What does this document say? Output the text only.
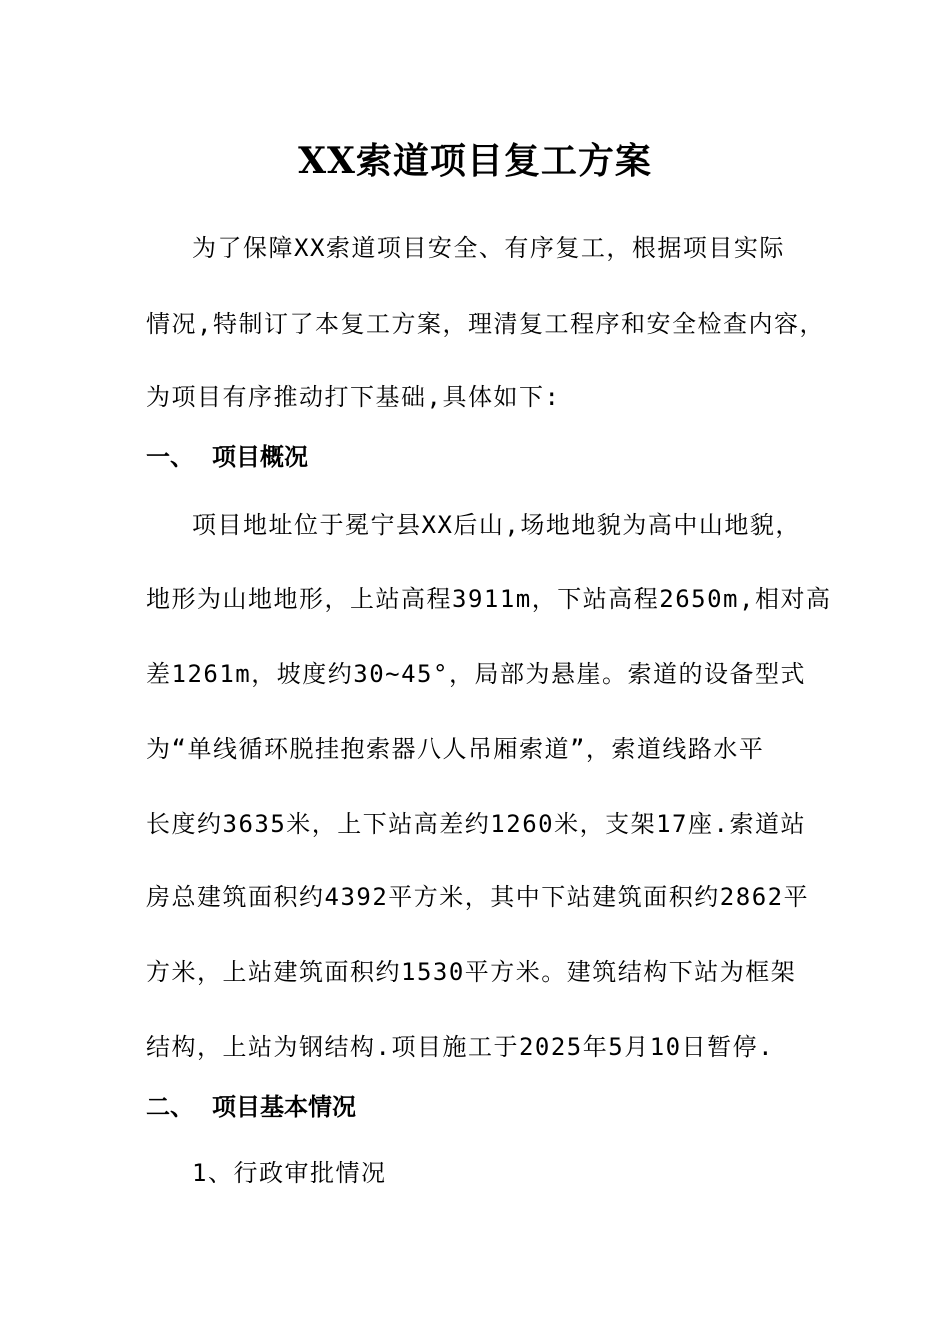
XX索道项目复工方案
为了保障XX索道项目安全、有序复工，根据项目实际
情况,特制订了本复工方案，理清复工程序和安全检查内容，
为项目有序推动打下基础,具体如下:
一、 项目概况
项目地址位于冕宁县XX后山,场地地貌为高中山地貌，
地形为山地地形，上站高程3911m，下站高程2650m,相对高
差1261m，坡度约30~45°，局部为悬崖。索道的设备型式
为“单线循环脱挂抱索器八人吊厢索道”，索道线路水平
长度约3635米，上下站高差约1260米，支架17座.索道站
房总建筑面积约4392平方米，其中下站建筑面积约2862平
方米，上站建筑面积约1530平方米。建筑结构下站为框架
结构，上站为钢结构.项目施工于2025年5月10日暂停.
二、 项目基本情况
1、行政审批情况
